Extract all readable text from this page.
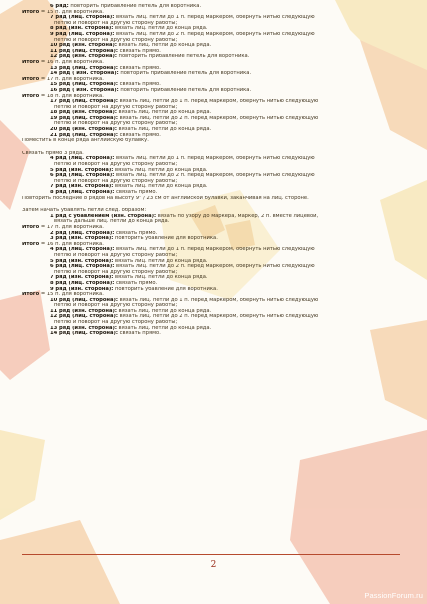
6 ряд: повторить прибавление петель для воротника.
Итого = 15 п. для воротника.
7 ряд (лиц. сторона): вязать лиц. петли до 1 п. перед маркером, обернуть нитью следующую
петлю и поворот на другую сторону работы;
8 ряд (изн. сторона): вязать лиц. петли до конца ряда.
9 ряд (лиц. сторона): вязать лиц. петли до 2 п. перед маркером, обернуть нитью следующую
петлю и поворот на другую сторону работы;
10 ряд (изн. сторона): вязать лиц. петли до конца ряда.
11 ряд (лиц. сторона): связать прямо.
12 ряд (изн. сторона): повторить прибавление петель для воротника.
Итого = 16 п. для воротника.
13 ряд (лиц. сторона): связать прямо.
14 ряд ( изн. сторона): повторить прибавление петель для воротника.
Итого = 17 п. для воротника.
15 ряд (лиц. сторона): связать прямо.
16 ряд ( изн. сторона): повторить прибавление петель для воротника.
Итого = 18 п. для воротника.
17 ряд (лиц. сторона): вязать лиц. петли до 1 п. перед маркером, обернуть нитью следующую
петлю и поворот на другую сторону работы;
18 ряд (изн. сторона): вязать лиц. петли до конца ряда.
19 ряд (лиц. сторона): вязать лиц. петли до 2 п. перед маркером, обернуть нитью следующую
петлю и поворот на другую сторону работы;
20 ряд (изн. сторона): вязать лиц. петли до конца ряда.
21 ряд (лиц. сторона): связать прямо.
Поместить в конце ряда английскую булавку.
Связать прямо 3 ряда.
4 ряд (лиц. сторона): вязать лиц. петли до 1 п. перед маркером, обернуть нитью следующую
петлю и поворот на другую сторону работы;
5 ряд (изн. сторона): вязать лиц. петли до конца ряда.
6 ряд (лиц. сторона): вязать лиц. петли до 2 п. перед маркером, обернуть нитью следующую
петлю и поворот на другую сторону работы;
7 ряд (изн. сторона): вязать лиц. петли до конца ряда.
8 ряд (лиц. сторона): связать прямо.
Повторить последние 8 рядов на высоту 9" / 23 см от английской булавки, заканчивая на лиц. стороне.
Затем начать убавлять петли след. образом:
1 ряд с убавлением (изн. сторона): вязать по узору до маркера, маркер, 2 п. вместе лицевой,
вязать дальше лиц. петли до конца ряда.
Итого = 17 п. для воротника.
2 ряд (лиц. сторона): связать прямо.
3 ряд (изн. сторона): повторить убавление для воротника.
Итого = 16 п. для воротника.
4 ряд (лиц. сторона): вязать лиц. петли до 1 п. перед маркером, обернуть нитью следующую
петлю и поворот на другую сторону работы;
5 ряд (изн. сторона): вязать лиц. петли до конца ряда.
6 ряд (лиц. сторона): вязать лиц. петли до 2 п. перед маркером, обернуть нитью следующую
петлю и поворот на другую сторону работы;
7 ряд (изн. сторона): вязать лиц. петли до конца ряда.
8 ряд (лиц. сторона): связать прямо.
9 ряд (изн. сторона): повторить убавление для воротника.
Итого = 15 п. для воротника.
10 ряд (лиц. сторона): вязать лиц. петли до 1 п. перед маркером, обернуть нитью следующую
петлю и поворот на другую сторону работы;
11 ряд (изн. сторона): вязать лиц. петли до конца ряда.
12 ряд (лиц. сторона): вязать лиц. петли до 2 п. перед маркером, обернуть нитью следующую
петлю и поворот на другую сторону работы;
13 ряд (изн. сторона): вязать лиц. петли до конца ряда.
14 ряд (лиц. сторона): связать прямо.
2
PassionForum.ru
